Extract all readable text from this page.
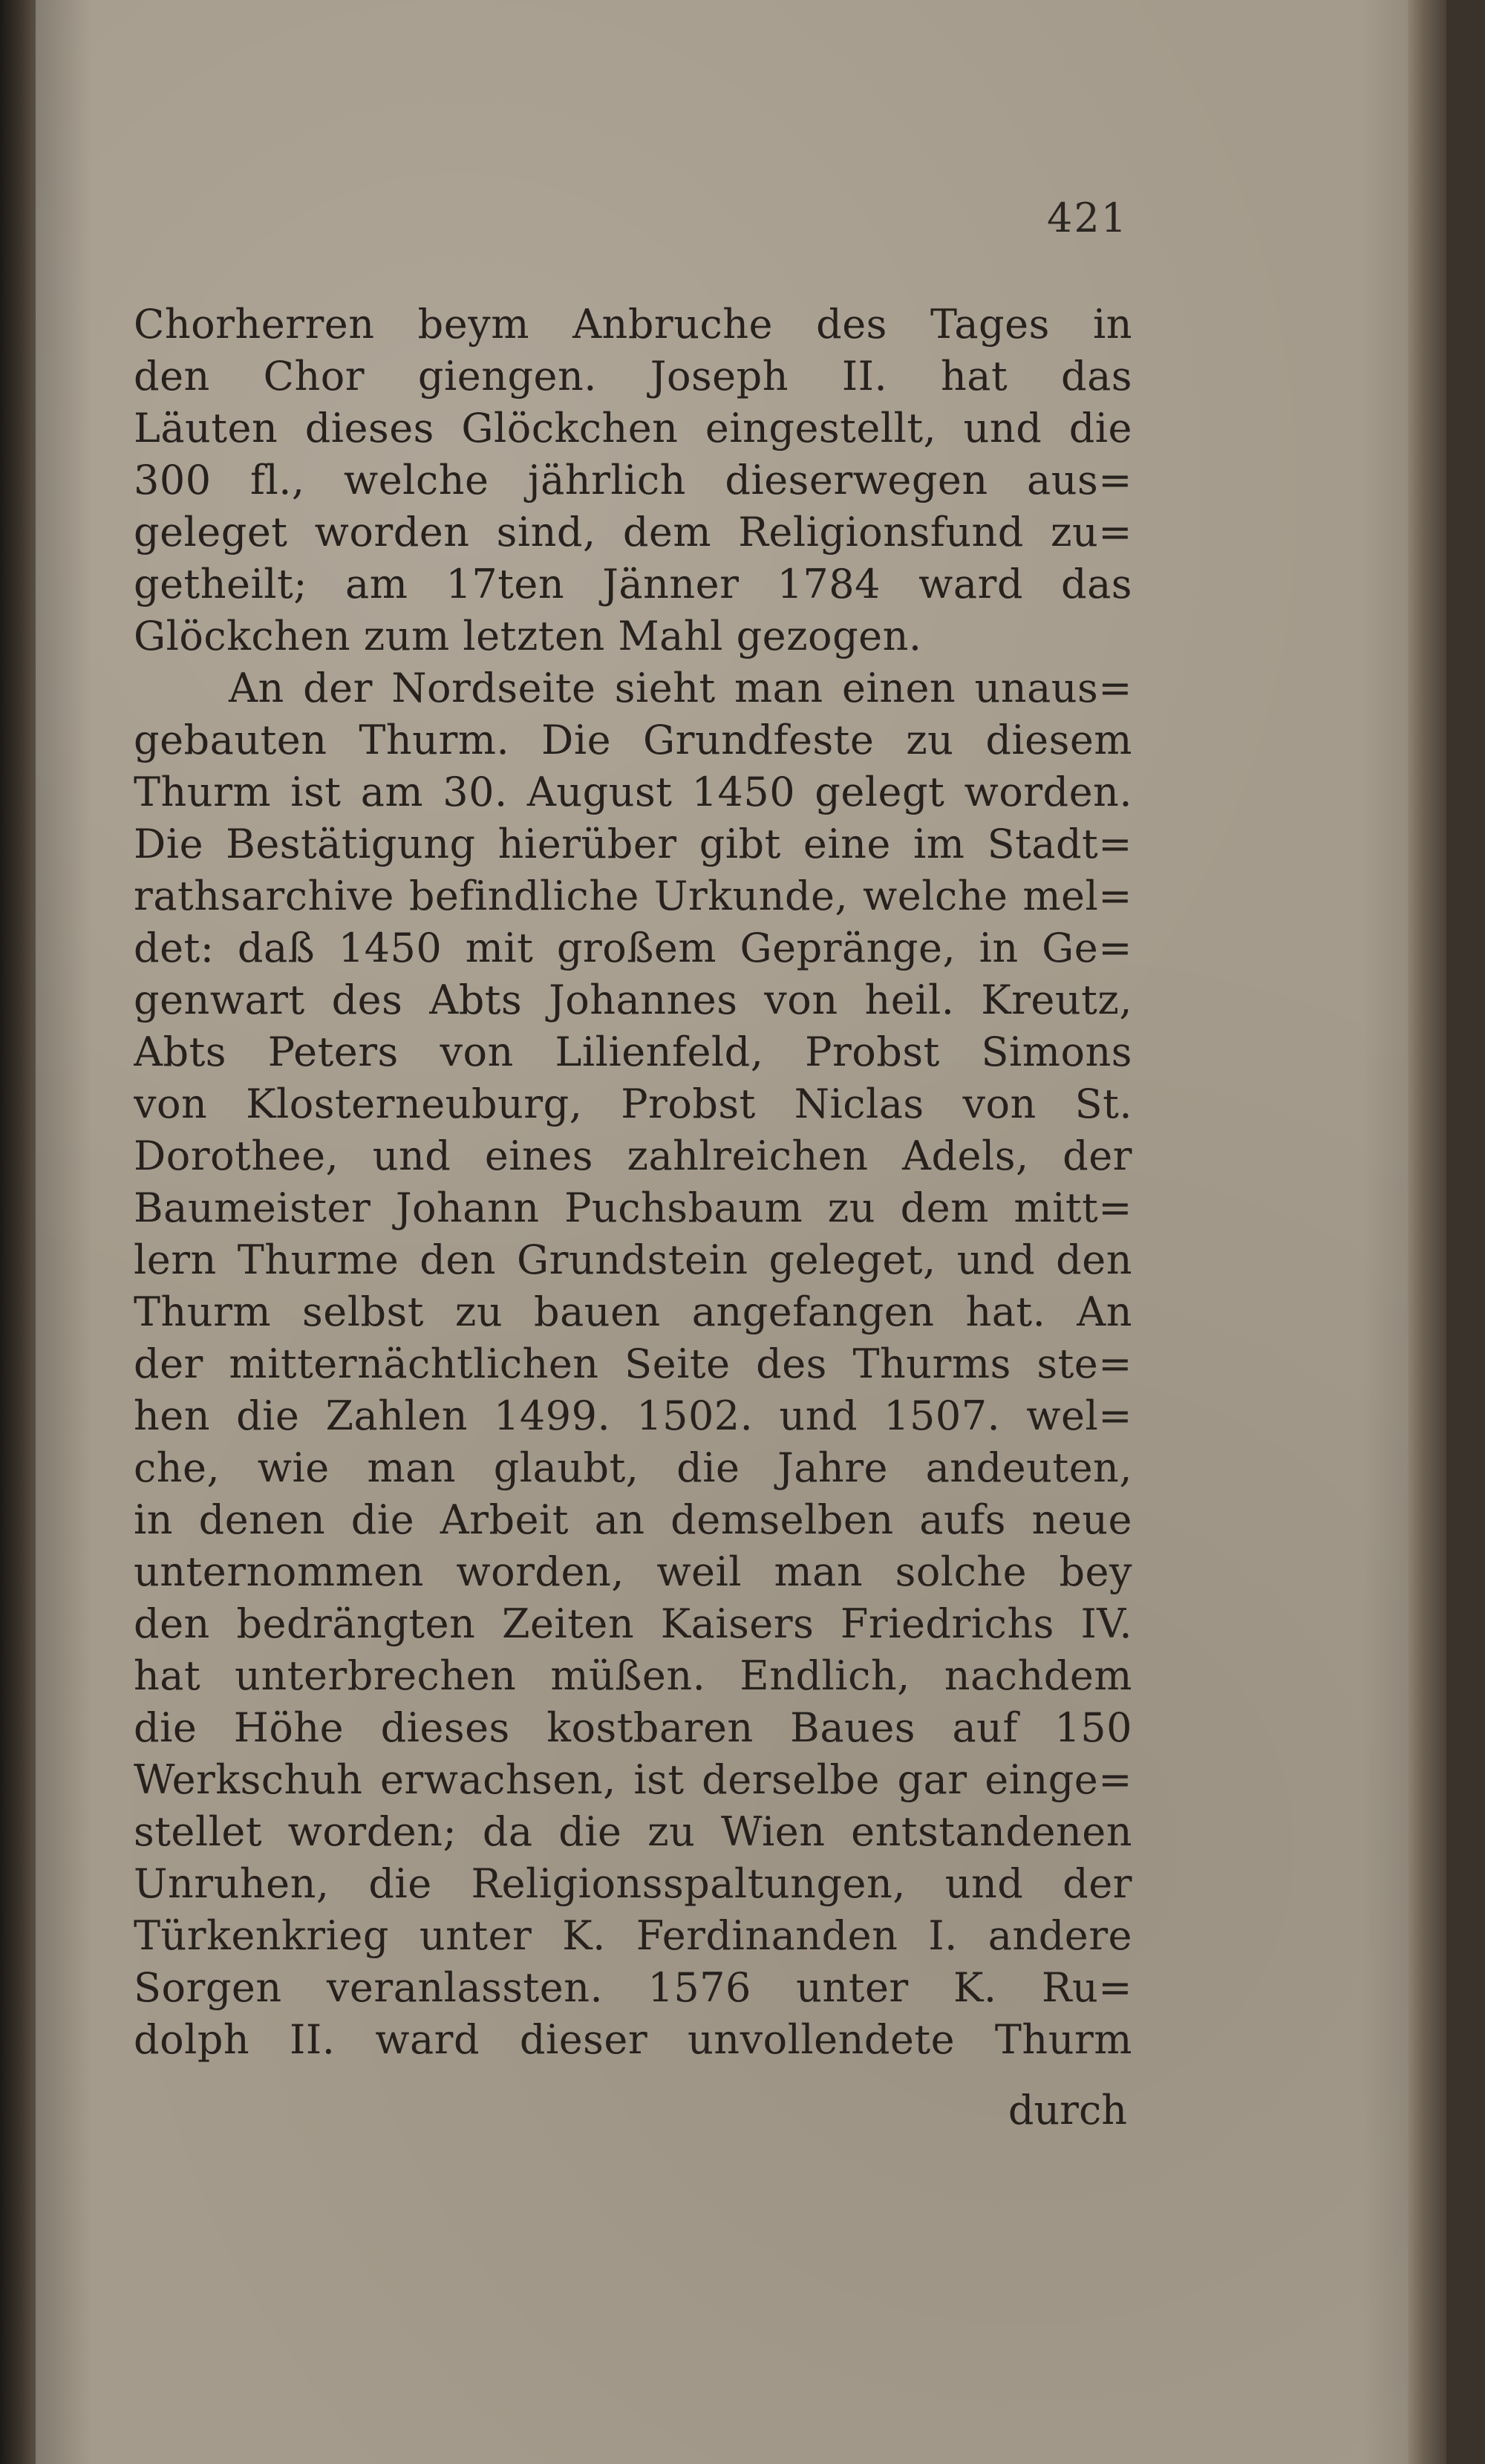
421
Chorherren beym Anbruche des Tages in
den Chor giengen. Joseph II. hat das
Läuten dieses Glöckchen eingestellt, und die
300 fl., welche jährlich dieserwegen aus=
geleget worden sind, dem Religionsfund zu=
getheilt; am 17ten Jänner 1784 ward das
Glöckchen zum letzten Mahl gezogen.
An der Nordseite sieht man einen unaus=
gebauten Thurm. Die Grundfeste zu diesem
Thurm ist am 30. August 1450 gelegt worden.
Die Bestätigung hierüber gibt eine im Stadt=
rathsarchive befindliche Urkunde, welche mel=
det: daß 1450 mit großem Gepränge, in Ge=
genwart des Abts Johannes von heil. Kreutz,
Abts Peters von Lilienfeld, Probst Simons
von Klosterneuburg, Probst Niclas von St.
Dorothee, und eines zahlreichen Adels, der
Baumeister Johann Puchsbaum zu dem mitt=
lern Thurme den Grundstein geleget, und den
Thurm selbst zu bauen angefangen hat. An
der mitternächtlichen Seite des Thurms ste=
hen die Zahlen 1499. 1502. und 1507. wel=
che, wie man glaubt, die Jahre andeuten,
in denen die Arbeit an demselben aufs neue
unternommen worden, weil man solche bey
den bedrängten Zeiten Kaisers Friedrichs IV.
hat unterbrechen müßen. Endlich, nachdem
die Höhe dieses kostbaren Baues auf 150
Werkschuh erwachsen, ist derselbe gar einge=
stellet worden; da die zu Wien entstandenen
Unruhen, die Religionsspaltungen, und der
Türkenkrieg unter K. Ferdinanden I. andere
Sorgen veranlassten. 1576 unter K. Ru=
dolph II. ward dieser unvollendete Thurm
durch
